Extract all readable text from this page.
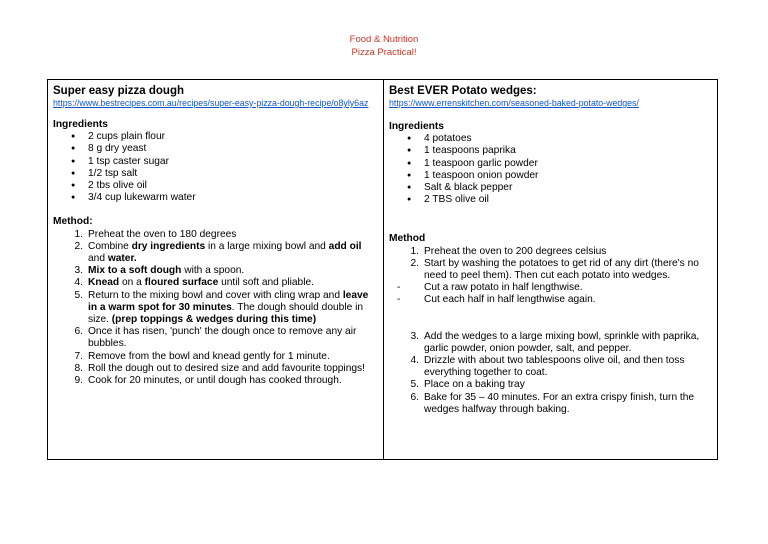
Food & Nutrition
Pizza Practical!
Super easy pizza dough
https://www.bestrecipes.com.au/recipes/super-easy-pizza-dough-recipe/o8yly6az
Ingredients
● 2 cups plain flour
● 8 g dry yeast
● 1 tsp caster sugar
● 1/2 tsp salt
● 2 tbs olive oil
● 3/4 cup lukewarm water
Method:
1. Preheat the oven to 180 degrees
2. Combine dry ingredients in a large mixing bowl and add oil and water.
3. Mix to a soft dough with a spoon.
4. Knead on a floured surface until soft and pliable.
5. Return to the mixing bowl and cover with cling wrap and leave in a warm spot for 30 minutes. The dough should double in size. (prep toppings & wedges during this time)
6. Once it has risen, 'punch' the dough once to remove any air bubbles.
7. Remove from the bowl and knead gently for 1 minute.
8. Roll the dough out to desired size and add favourite toppings!
9. Cook for 20 minutes, or until dough has cooked through.
Best EVER Potato wedges:
https://www.errenskitchen.com/seasoned-baked-potato-wedges/
Ingredients
● 4 potatoes
● 1 teaspoons paprika
● 1 teaspoon garlic powder
● 1 teaspoon onion powder
● Salt & black pepper
● 2 TBS olive oil
Method
1. Preheat the oven to 200 degrees celsius
2. Start by washing the potatoes to get rid of any dirt (there's no need to peel them). Then cut each potato into wedges.
-	Cut a raw potato in half lengthwise.
-	Cut each half in half lengthwise again.
3. Add the wedges to a large mixing bowl, sprinkle with paprika, garlic powder, onion powder, salt, and pepper.
4. Drizzle with about two tablespoons olive oil, and then toss everything together to coat.
5. Place on a baking tray
6. Bake for 35 – 40 minutes. For an extra crispy finish, turn the wedges halfway through baking.
